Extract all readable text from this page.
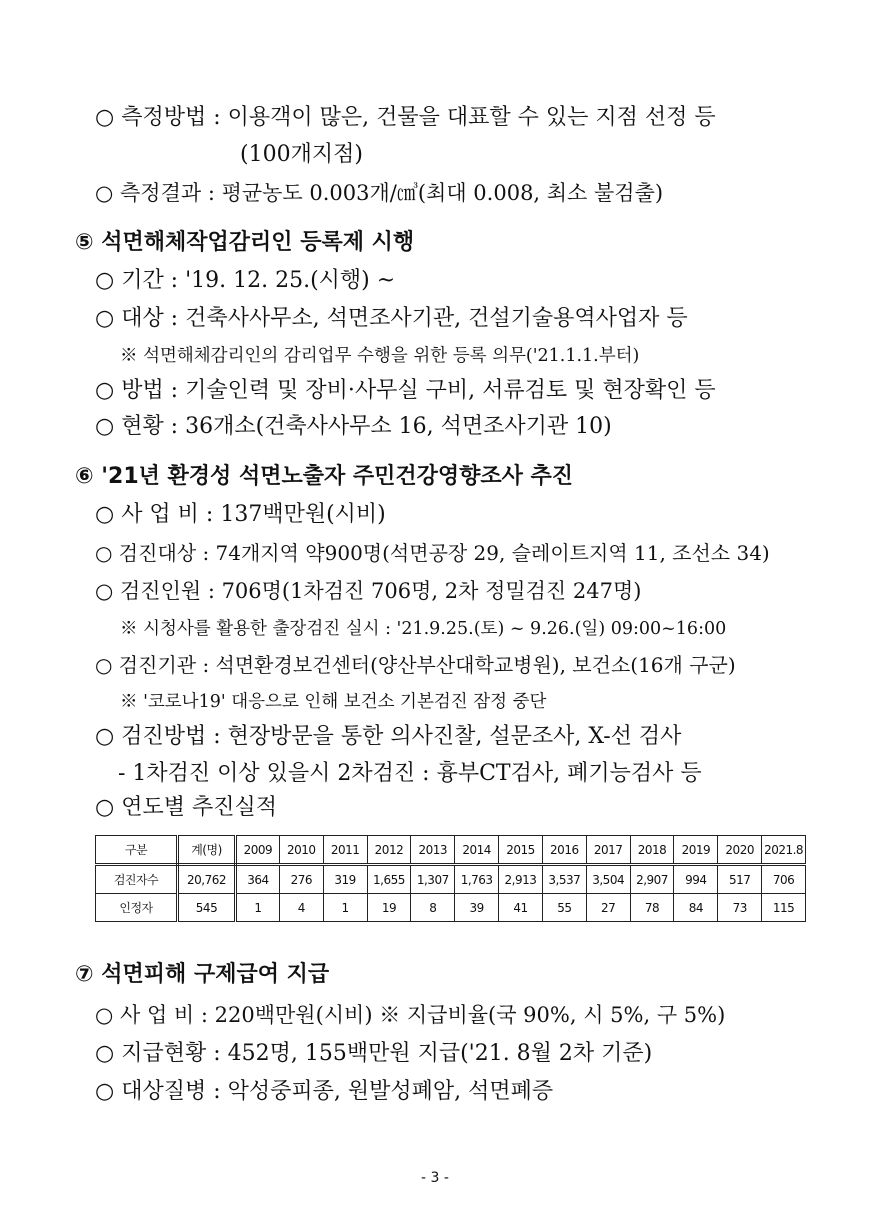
○ 측정방법 : 이용객이 많은, 건물을 대표할 수 있는 지점 선정 등
(100개지점)
○ 측정결과 : 평균농도 0.003개/㎤(최대 0.008, 최소 불검출)
⑤ 석면해체작업감리인 등록제 시행
○ 기간 : '19. 12. 25.(시행) ~
○ 대상 : 건축사사무소, 석면조사기관, 건설기술용역사업자 등
※ 석면해체감리인의 감리업무 수행을 위한 등록 의무('21.1.1.부터)
○ 방법 : 기술인력 및 장비·사무실 구비, 서류검토 및 현장확인 등
○ 현황 : 36개소(건축사사무소 16, 석면조사기관 10)
⑥ '21년 환경성 석면노출자 주민건강영향조사 추진
○ 사 업 비 : 137백만원(시비)
○ 검진대상 : 74개지역 약900명(석면공장 29, 슬레이트지역 11, 조선소 34)
○ 검진인원 : 706명(1차검진 706명, 2차 정밀검진 247명)
※ 시청사를 활용한 출장검진 실시 : '21.9.25.(토) ~ 9.26.(일) 09:00~16:00
○ 검진기관 : 석면환경보건센터(양산부산대학교병원), 보건소(16개 구군)
※ '코로나19' 대응으로 인해 보건소 기본검진 잠정 중단
○ 검진방법 : 현장방문을 통한 의사진찰, 설문조사, X-선 검사
- 1차검진 이상 있을시 2차검진 : 흉부CT검사, 폐기능검사 등
○ 연도별 추진실적
구분	계(명)	2009	2010	2011	2012	2013	2014	2015	2016	2017	2018	2019	2020	2021.8
검진자수	20,762	364	276	319	1,655	1,307	1,763	2,913	3,537	3,504	2,907	994	517	706
인정자	545	1	4	1	19	8	39	41	55	27	78	84	73	115
⑦ 석면피해 구제급여 지급
○ 사 업 비 : 220백만원(시비) ※ 지급비율(국 90%, 시 5%, 구 5%)
○ 지급현황 : 452명, 155백만원 지급('21. 8월 2차 기준)
○ 대상질병 : 악성중피종, 원발성폐암, 석면폐증
- 3 -
